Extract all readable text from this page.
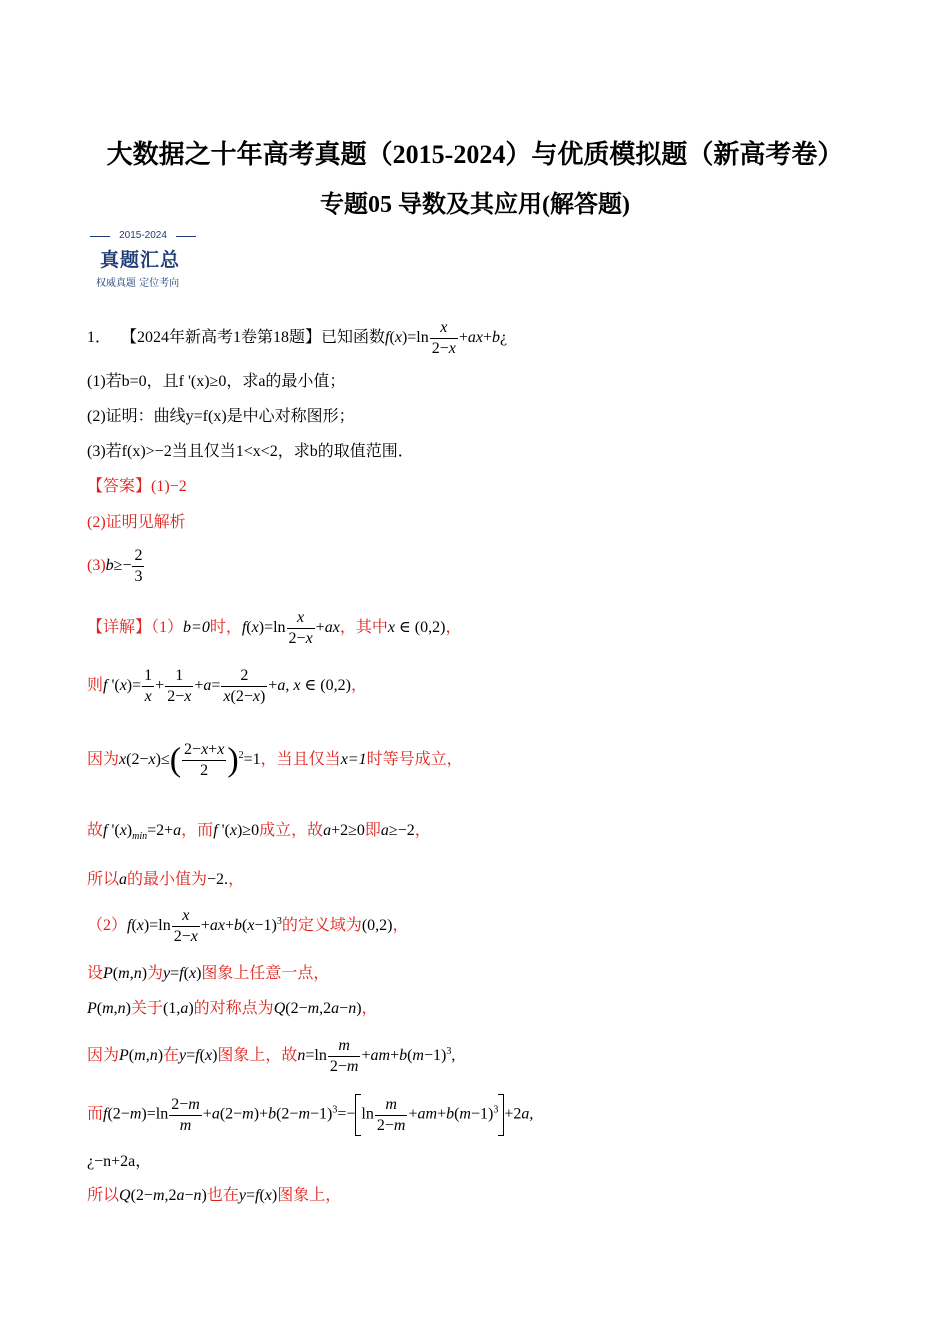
大数据之十年高考真题（2015-2024）与优质模拟题（新高考卷）
专题05 导数及其应用(解答题)
2015-2024
真题汇总
权威真题 定位考向
1． 【2024年新高考1卷第18题】已知函数$f(x)=\ln \frac{x}{2-x}$ +ax+b¿
(1)若b=0，且f '(x)≥0，求a的最小值；
(2)证明：曲线y=f(x)是中心对称图形；
(3)若f(x)>−2当且仅当1<x<2，求b的取值范围．
【答案】(1)−2
(2)证明见解析
$(3)b\ge- \frac{2}{3}$
【详解】（1）b=0时，$f(x)=\ln \frac{x}{2-x} +ax$，其中x ∈ (0,2)，
则f '$(x)= \frac{1}{x} + \frac{1}{2-x} +a= \frac{2}{x(2-x)} +a$, x ∈ (0,2)，
因为$x(2-x)\le( \frac{2-x+x}{2} )^2=1$，当且仅当x=1时等号成立，
故f '$(x)_{min}=2+a$，而f '(x)≥0成立，故a+2≥0即a≥−2，
所以a的最小值为−2.，
$(2)f(x)=\ln \frac{x}{2-x} +ax+b(x-1)^3$的定义域为(0,2)，
设P(m,n)为y=f(x)图象上任意一点，
P(m,n)关于(1,a)的对称点为Q(2−m,2a−n)，
因为P(m,n)在y=f(x)图象上，故$n=\ln \frac{m}{2-m} +am+b(m-1)^3$,
而$f(2-m)=\ln \frac{2-m}{m} +a(2-m)+b(2-m-1)^3=- \ln \frac{m}{2-m} +am+b(m-1)^3 +2a$,
¿−n+2a，
所以Q(2−m,2a−n)也在y=f(x)图象上，
